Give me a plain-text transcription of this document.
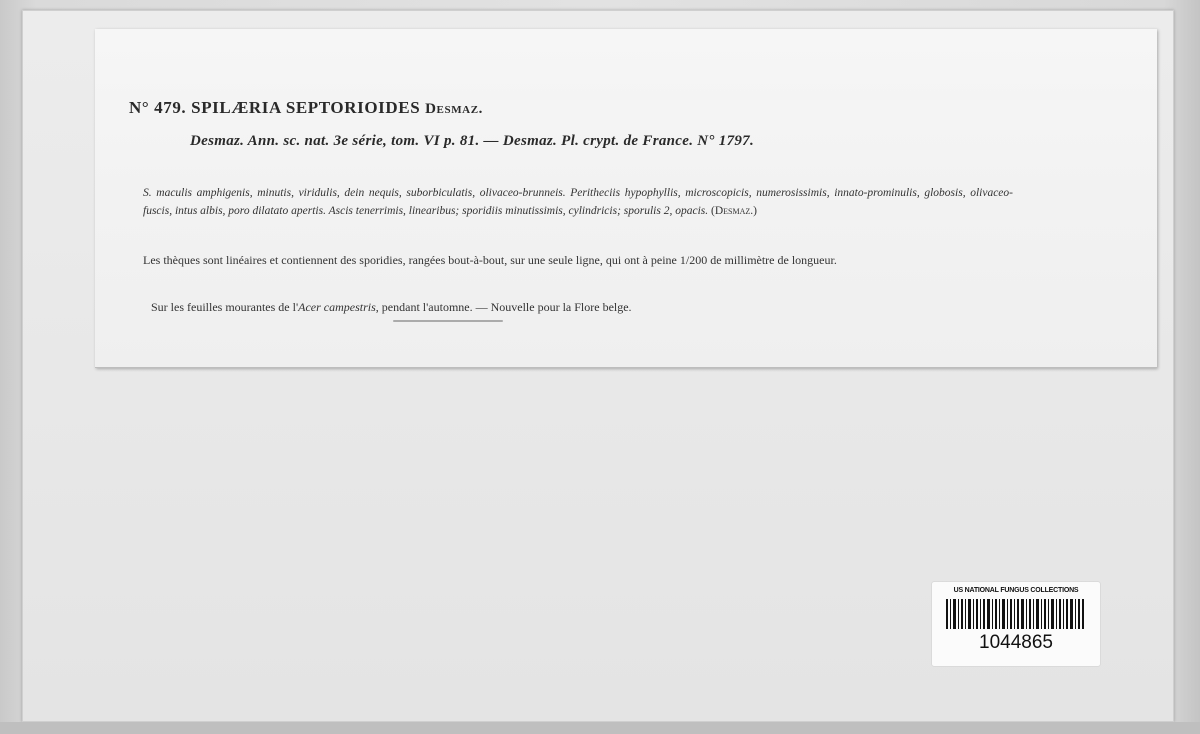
N° 479. SPILÆRIA SEPTORIOIDES Desmaz.
Desmaz. Ann. sc. nat. 3e série, tom. VI p. 81. — Desmaz. Pl. crypt. de France. N° 1797.
S. maculis amphigenis, minutis, viridulis, dein nequis, suborbiculatis, olivaceo-brunneis. Peritheciis hypophyllis, microscopicis, numerosissimis, innato-prominulis, globosis, olivaceo-fuscis, intus albis, poro dilatato apertis. Ascis tenerrimis, linearibus; sporidiis minutissimis, cylindricis; sporulis 2, opacis. (Desmaz.)
Les thèques sont linéaires et contiennent des sporidies, rangées bout-à-bout, sur une seule ligne, qui ont à peine 1/200 de millimètre de longueur.
Sur les feuilles mourantes de l'Acer campestris, pendant l'automne. — Nouvelle pour la Flore belge.
US NATIONAL FUNGUS COLLECTIONS
1044865
